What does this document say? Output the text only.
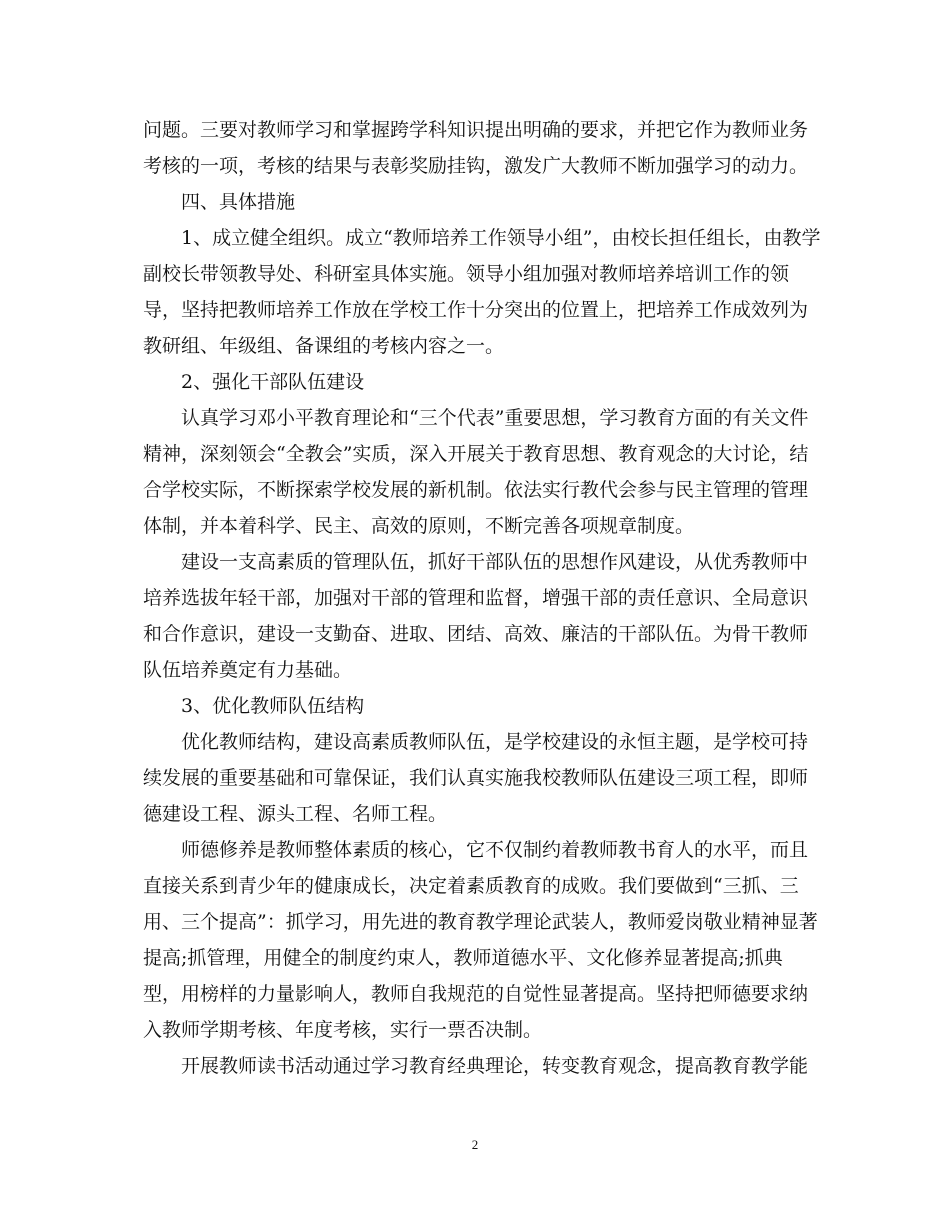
问题。三要对教师学习和掌握跨学科知识提出明确的要求，并把它作为教师业务
考核的一项，考核的结果与表彰奖励挂钩，激发广大教师不断加强学习的动力。
四、具体措施
1、成立健全组织。成立“教师培养工作领导小组”，由校长担任组长，由教学
副校长带领教导处、科研室具体实施。领导小组加强对教师培养培训工作的领
导，坚持把教师培养工作放在学校工作十分突出的位置上，把培养工作成效列为
教研组、年级组、备课组的考核内容之一。
2、强化干部队伍建设
认真学习邓小平教育理论和“三个代表”重要思想，学习教育方面的有关文件
精神，深刻领会“全教会”实质，深入开展关于教育思想、教育观念的大讨论，结
合学校实际，不断探索学校发展的新机制。依法实行教代会参与民主管理的管理
体制，并本着科学、民主、高效的原则，不断完善各项规章制度。
建设一支高素质的管理队伍，抓好干部队伍的思想作风建设，从优秀教师中
培养选拔年轻干部，加强对干部的管理和监督，增强干部的责任意识、全局意识
和合作意识，建设一支勤奋、进取、团结、高效、廉洁的干部队伍。为骨干教师
队伍培养奠定有力基础。
3、优化教师队伍结构
优化教师结构，建设高素质教师队伍，是学校建设的永恒主题，是学校可持
续发展的重要基础和可靠保证，我们认真实施我校教师队伍建设三项工程，即师
德建设工程、源头工程、名师工程。
师德修养是教师整体素质的核心，它不仅制约着教师教书育人的水平，而且
直接关系到青少年的健康成长，决定着素质教育的成败。我们要做到“三抓、三
用、三个提高”：抓学习，用先进的教育教学理论武装人，教师爱岗敬业精神显著
提高;抓管理，用健全的制度约束人，教师道德水平、文化修养显著提高;抓典
型，用榜样的力量影响人，教师自我规范的自觉性显著提高。坚持把师德要求纳
入教师学期考核、年度考核，实行一票否决制。
开展教师读书活动通过学习教育经典理论，转变教育观念，提高教育教学能
2
